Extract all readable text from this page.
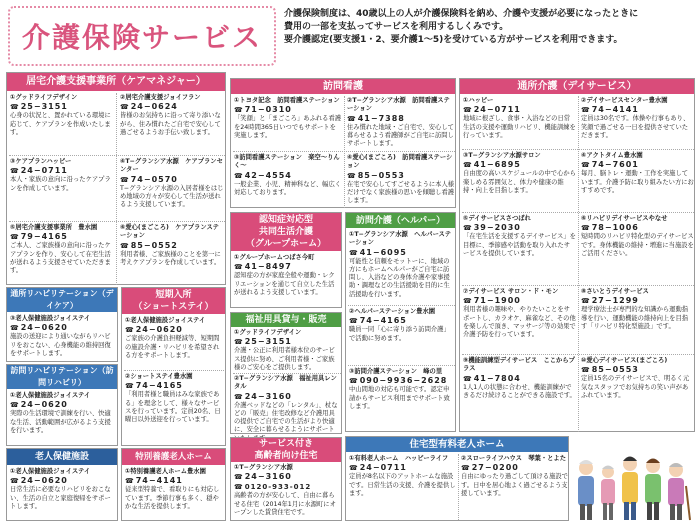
介護保険サービス
介護保険制度は、40歳以上の人が介護保険料を納め、介護や支援が必要になったときに
費用の一部を支払ってサービスを利用するしくみです。
要介護認定(要支援1・2、要介護1〜5)を受けている方がサービスを利用できます。
居宅介護支援事業所（ケアマネジャー）
①グッドライフデザイン
☎ 25−3151
心身の状況と、置かれている環境に応じて、ケアプランを作成いたします。
②居宅介護支援ジョイフラン
☎ 24−0624
皆様のお気持ちに沿って寄り添いながら、住み慣れたご自宅で安心して過ごせるようお手伝い致します。
③ケアプランハッピー
☎ 24−0711
本人・家族の意向に沿ったケアプランを作成しています。
④T−グランシア水源　ケアプランセンター
☎ 74−0570
T−グランシア水源の入居者様をはじめ地域の方々が安心して生活が送れるよう支援しています。
⑤居宅介護支援事業所　豊水園
☎ 79−4165
ご本人、ご家族様の意向に沿ったケアプランを作り、安心して在宅生活が送れるよう支援させていただきます。
⑥愛心(まごころ)　ケアプランステーション
☎ 85−0552
利用者様、ご家族様のことを第一に考えケアプランを作成しています。
通所リハビリテーション（デイケア）
③老人保健施設ジョイステイ
☎ 24−0620
施設の送迎により通いながらリハビリをおこない、心身機能の維持回復をサポートします。
訪問リハビリテーション（訪問リハビリ）
①老人保健施設ジョイステイ
☎ 24−0620
実際の生活環境で訓練を行い、快適な生活、活動範囲が広がるよう支援を行います。
老人保健施設
①老人保健施設ジョイステイ
☎ 24−0620
日常生活に必要なリハビリをおこない、生活の自立と家庭復帰をサポートします。
短期入所
（ショートステイ）
①老人保健施設ジョイステイ
☎ 24−0620
ご家族の介護負担軽減等、短期間の施設介護・リハビリを希望される方をサポートします。
②ショートステイ豊水園
☎ 74−4165
「利用者様と職員はみな家族である」を理念として、様々なサービスを行っています。定員20名、日曜日以外送迎を行っています。
特別養護老人ホーム
①特別養護老人ホーム豊水園
☎ 74−4141
従来型特養で、看取りにも対応しています。季節行事も多く、穏やかな生活を提供します。
訪問看護
①トヨタ記念　訪問看護ステーション
☎ 71−0310
「笑顔」と「まごころ」あふれる看護を24時間365日いつでもサポートを実施します。
②T−グランシア水源　訪問看護ステーション
☎ 41−7388
住み慣れた地域・ご自宅で、安心して暮らせるよう看護師がご自宅に訪問しサポートします。
③訪問看護ステーション　楽空〜りんく〜
☎ 42−4554
一般企業、小児、精神科など、幅広く対応しております。
④愛心(まごころ)　訪問看護ステーション
☎ 85−0553
在宅で安心してすごせるように本人様だけでなく家族様の思いを傾聴し看護します。
認知症対応型
共同生活介護
（グループホーム）
①グループホームつばさ今町
☎ 41−8497
認知症の方が家庭全般や運動・レクリエーションを通じて自立した生活が送れるよう支援しています。
福祉用具貸与・販売
①グッドライフデザイン
☎ 25−3151
介護・公正に利用者様本位のサービス提供に努め、ご利用者様・ご家族様のご安心をご提供します。
②T−グランシア水源　福祉用具レンタル
☎ 24−3160
介護ベッドなどの「レンタル」、杖などの「販売」住宅改修など介護用具の提供でご自宅での生活がより快適に、安全に暮らせるようにサポート
サービス付き
高齢者向け住宅
①T−グランシア水源
☎ 24−3160
☎ 0120-933-012
高齢者の方が安心して、自由に暮らせる住宅（2014年1月に水源町にオープンした賃貸住宅です。
訪問介護（ヘルパー）
①T−グランシア水源　ヘルパーステーション
☎ 41−6095
可能性と信頼をモットーに、地域の方にもホームヘルパーがご自宅に訪問し、入浴などの身体介護や家事援助・調理などの生活援助を目的に生活援助を行います。
②ヘルパーステーション豊水園
☎ 74−4165
職員一同「心に寄り添う訪問介護」で活動に努めます。
③訪問介護ステーション　峰の里
☎ 090−9936−2628
中山間地の対応も可能です。認定申請からサービス利用までサポート致します。
通所介護（デイサービス）
①ハッピー
☎ 24−0711
地域に根ざし、食事・入浴などの日常生活の支援や運動リハビリ、機能訓練を行っています。
②デイサービスセンター豊水園
☎ 74−4141
定員は30名です。体操や行事もあり、笑顔で過ごせる一日を提供させていただきます。
③T−グランシア水源サロン
☎ 41−6895
自由度の高いスケジュールの中で心から楽しめる雰囲気と、体力や健康の維持・向上を目指します。
④アクトタイム豊水園
☎ 74−7601
毎月、脳トレ・運動・工作を実施しています。介護予防に取り組みたい方におすすめです。
⑤デイサービスさつばれ
☎ 39−2030
「在宅生活を支援するデイサービス」を目標に、季節感や活動を取り入れたサービスを提供しています。
⑥リハビリデイサービスやなせ
☎ 78−1006
短時間のリハビリ特化型のデイサービスです。身体機能の維持・増進に当施設をご活用ください。
⑦デイサービス サロン・ド・モン
☎ 71−1900
利用者様の趣味や、やりたいことをサポートし、カラオケ、麻雀など、その他を楽しんで頂き、マッサージ等の効果で介護予防を行っています。
⑧さいとうデイサービス
☎ 27−1299
理学療法士が専門的な知識から運動指導を行い、運動機能の維持向上を目指す「リハビリ特化型施設」です。
⑨機能訓練型デイサービス　ここからプラス
☎ 41−7804
1人1人の状態に合わせ、機能訓練ができるだけ続けることができる施設です。
⑩愛心デイサービス(まごころ)
☎ 85−0553
定員15名のデイサービスで、明るく元気なスタッフでお気持ちの笑い声があふれています。
住宅型有料老人ホーム
①有料老人ホーム　ハッピーライフ
☎ 24−0711
定員が8名以下のアットホームな施設です。日常生活の支援、介護を提供します。
②スローライフハウス　琴葉・とよた
☎ 27−0200
自由にゆったり過ごして頂ける施設です。日中を居心地よく過ごせるよう支援しています。
